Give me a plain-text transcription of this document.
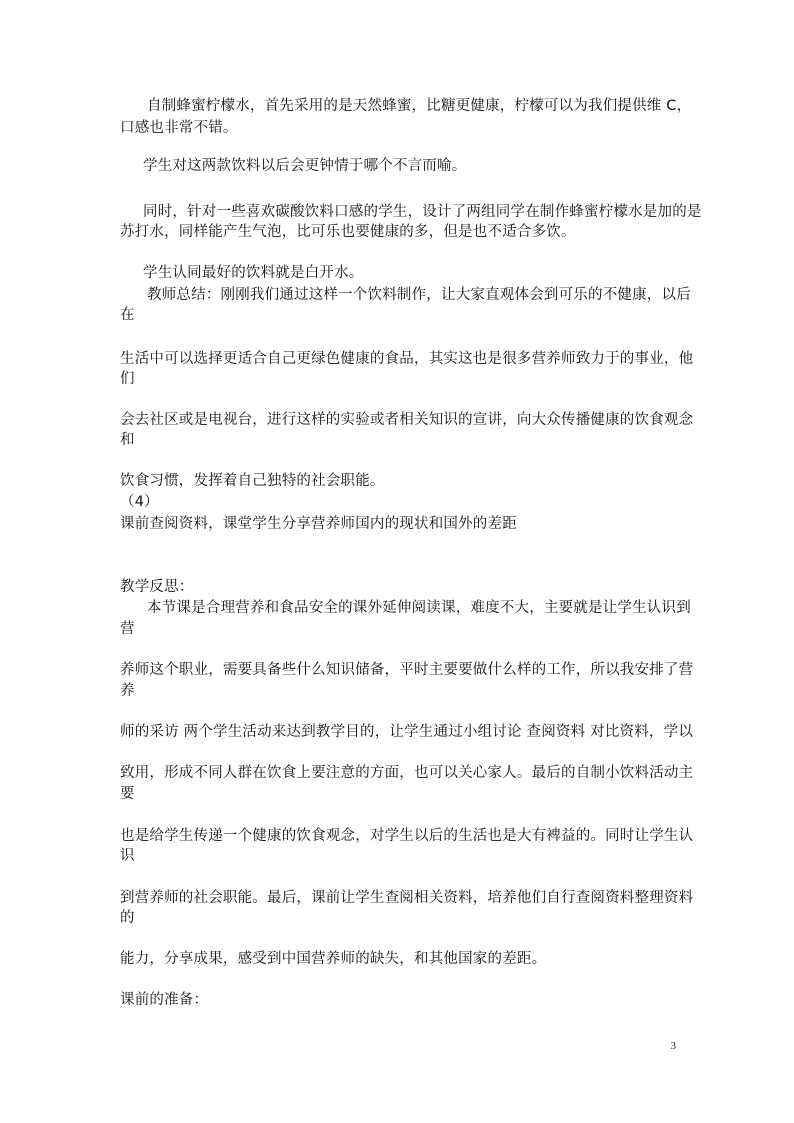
自制蜂蜜柠檬水，首先采用的是天然蜂蜜，比糖更健康，柠檬可以为我们提供维 C，
口感也非常不错。
学生对这两款饮料以后会更钟情于哪个不言而喻。
同时，针对一些喜欢碳酸饮料口感的学生，设计了两组同学在制作蜂蜜柠檬水是加的是
苏打水，同样能产生气泡，比可乐也要健康的多，但是也不适合多饮。
学生认同最好的饮料就是白开水。
教师总结：刚刚我们通过这样一个饮料制作，让大家直观体会到可乐的不健康，以后
在
生活中可以选择更适合自己更绿色健康的食品，其实这也是很多营养师致力于的事业，他
们
会去社区或是电视台，进行这样的实验或者相关知识的宣讲，向大众传播健康的饮食观念
和
饮食习惯，发挥着自己独特的社会职能。
（4）
课前查阅资料，课堂学生分享营养师国内的现状和国外的差距
教学反思：
本节课是合理营养和食品安全的课外延伸阅读课，难度不大，主要就是让学生认识到
营
养师这个职业，需要具备些什么知识储备，平时主要要做什么样的工作，所以我安排了营
养
师的采访 两个学生活动来达到教学目的，让学生通过小组讨论 查阅资料 对比资料，学以
致用，形成不同人群在饮食上要注意的方面，也可以关心家人。最后的自制小饮料活动主
要
也是给学生传递一个健康的饮食观念，对学生以后的生活也是大有裨益的。同时让学生认
识
到营养师的社会职能。最后，课前让学生查阅相关资料，培养他们自行查阅资料整理资料
的
能力，分享成果，感受到中国营养师的缺失，和其他国家的差距。
课前的准备：
3
